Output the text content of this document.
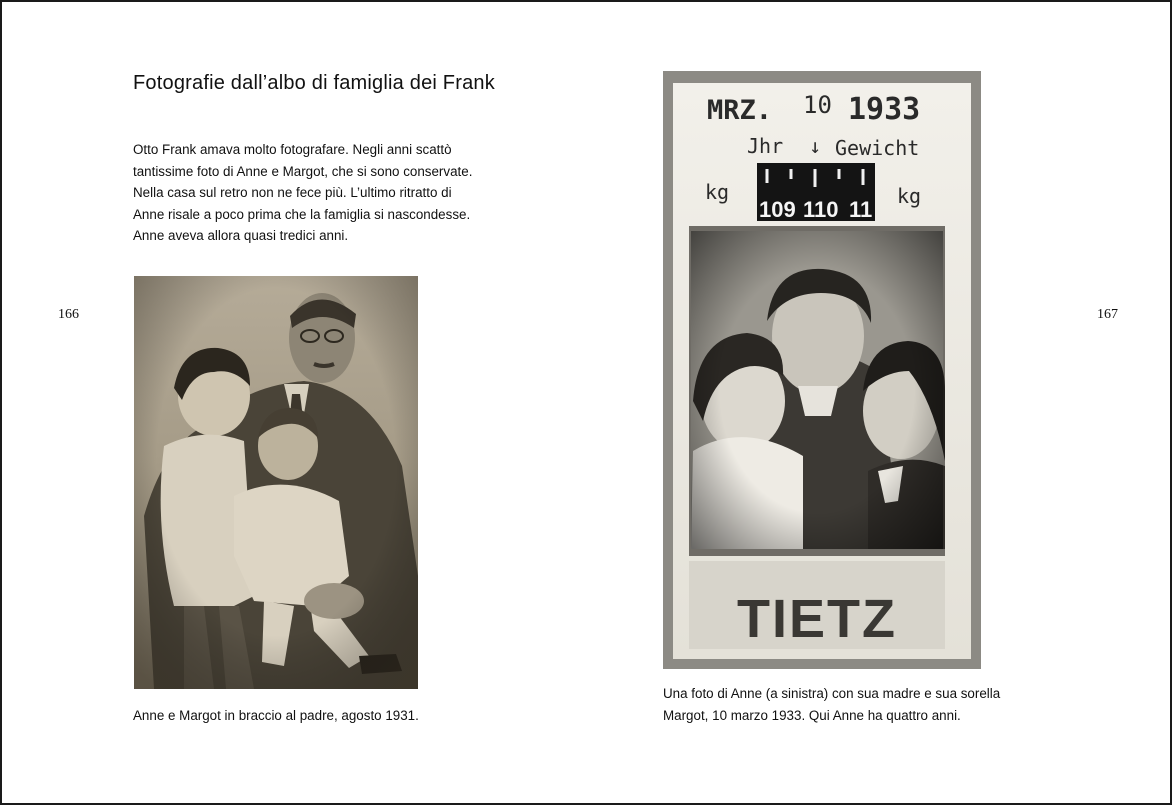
166
Fotografie dall’albo di famiglia dei Frank

Otto Frank amava molto fotografare. Negli anni scattò
tantissime foto di Anne e Margot, che si sono conservate.
Nella casa sul retro non ne fece più. L’ultimo ritratto di
Anne risale a poco prima che la famiglia si nascondesse.
Anne aveva allora quasi tredici anni.

Anne e Margot in braccio al padre, agosto 1931.

167
MRZ. 10 1933
Jhr ↓ Gewicht
kg	kg
109 110 11
TIETZ

Una foto di Anne (a sinistra) con sua madre e sua sorella
Margot, 10 marzo 1933. Qui Anne ha quattro anni.
